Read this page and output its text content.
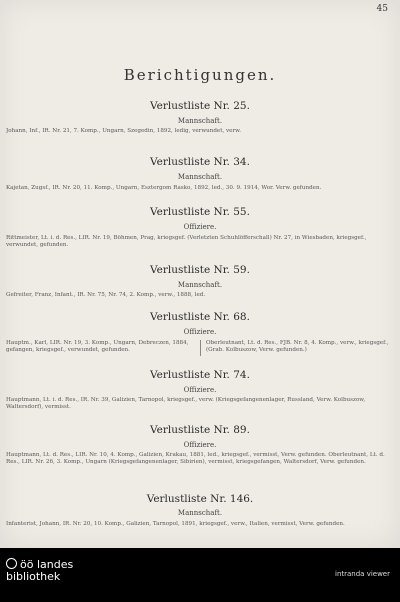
45
Berichtigungen.
Verlustliste Nr. 25.
Mannschaft.
Johann, Inf., IR. Nr. 21, 7. Komp., Ungarn, Szegedin, 1892, ledig, verwundet, verw.
Verlustliste Nr. 34.
Mannschaft.
Kajetan, Zugsf., IR. Nr. 20, 11. Komp., Ungarn, Esztergom Rasko, 1892, led., 30. 9. 1914, Wor. Verw. gefunden.
Verlustliste Nr. 55.
Offiziere.
Rittmeister, Lt. i. d. Res., LIR. Nr. 19, Böhmen, Prag, kriegsgef. (Verletzten Schuhlöfferschall) Nr. 27, in Wiesbaden, kriegsgef., verwundet, gefunden.
Verlustliste Nr. 59.
Mannschaft.
Gefreiter, Franz, Infant., IR. Nr. 75, Nr. 74, 2. Komp., verw., 1888, led.
Verlustliste Nr. 68.
Offiziere.
Hauptm., Karl, LIR. Nr. 19, 3. Komp., Ungarn, Debreczen, 1884, gefangen, kriegsgef., verwundet, gefunden.
Oberleutnant, Lt. d. Res., FJB. Nr. 8, 4. Komp., verw., kriegsgef., (Grab. Kolbuszow, Verw. gefunden.)
Verlustliste Nr. 74.
Offiziere.
Hauptmann, Lt. i. d. Res., IR. Nr. 39, Galizien, Tarnopol, kriegsgef., verw. (Kriegsgefangenenlager, Russland, Verw. Kolbuszow, Waltersdorf), vermisst.
Verlustliste Nr. 89.
Offiziere.
Hauptmann, Lt. d. Res., LIR. Nr. 10, 4. Komp., Galizien, Krakau, 1881, led., kriegsgef., vermisst, Verw. gefunden. Oberleutnant, Lt. d. Res., LIR. Nr. 26, 3. Komp., Ungarn (Kriegsgefangenenlager, Sibirien), vermisst, kriegsgefangen, Waltersdorf, Verw. gefunden.
Verlustliste Nr. 146.
Mannschaft.
Infanterist, Johann, IR. Nr. 20, 10. Komp., Galizien, Tarnopol, 1891, kriegsgef., verw., Italien, vermisst, Verw. gefunden.
öö landes
bibliothek	intranda viewer
